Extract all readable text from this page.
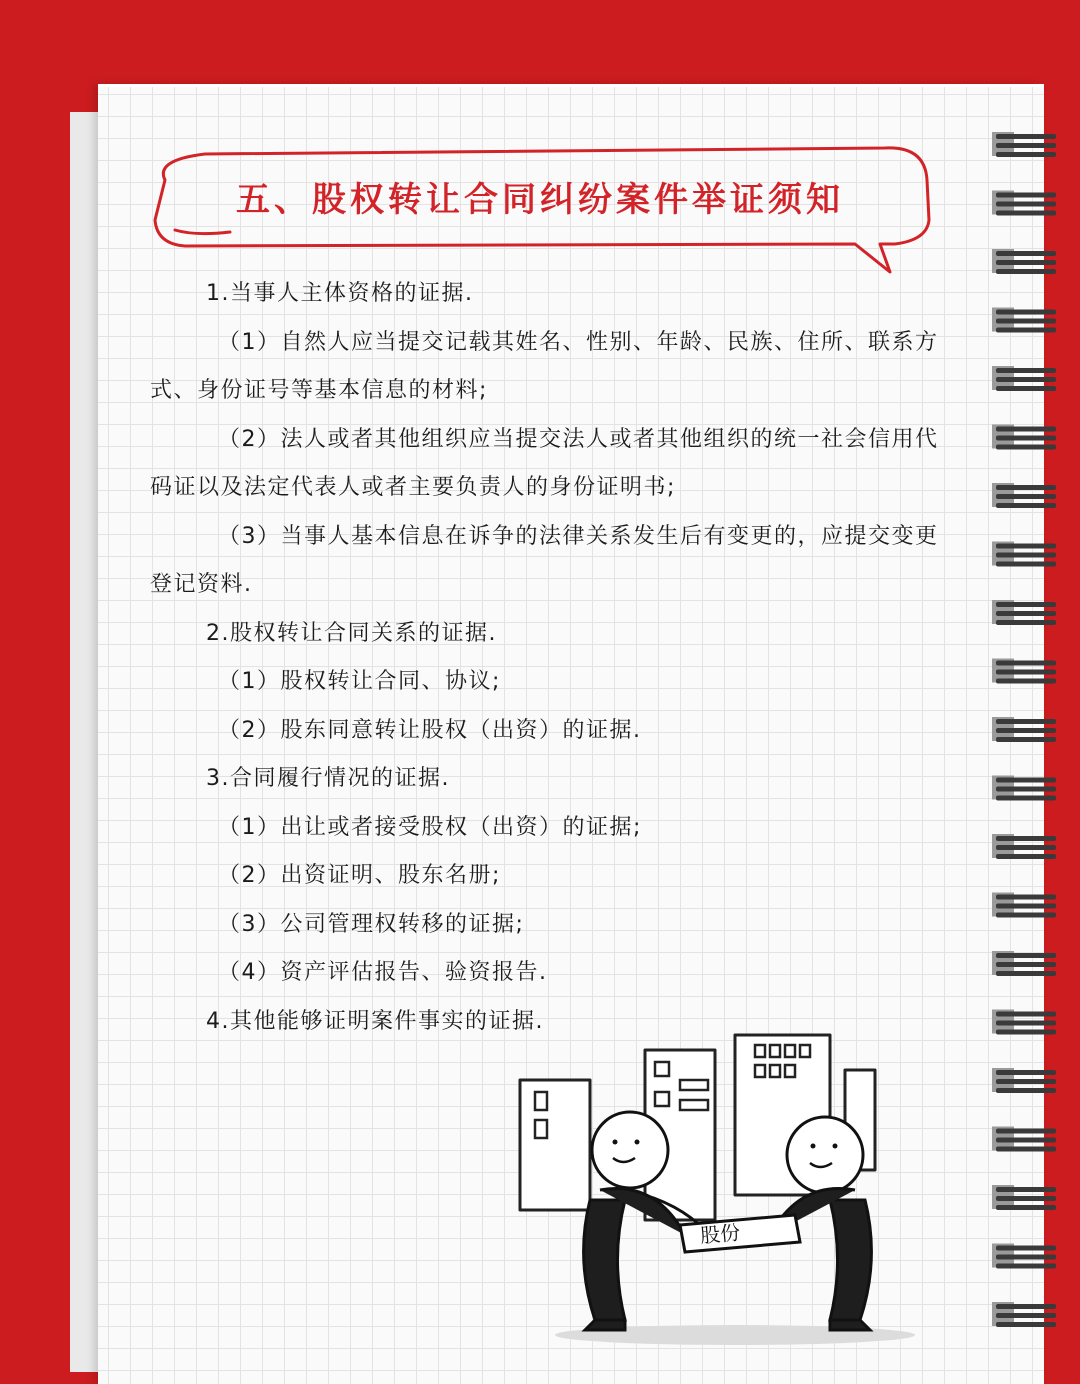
五、股权转让合同纠纷案件举证须知
1.当事人主体资格的证据.
（1）自然人应当提交记载其姓名、性别、年龄、民族、住所、联系方式、身份证号等基本信息的材料;
（2）法人或者其他组织应当提交法人或者其他组织的统一社会信用代码证以及法定代表人或者主要负责人的身份证明书;
（3）当事人基本信息在诉争的法律关系发生后有变更的，应提交变更登记资料.
2.股权转让合同关系的证据.
（1）股权转让合同、协议;
（2）股东同意转让股权（出资）的证据.
3.合同履行情况的证据.
（1）出让或者接受股权（出资）的证据;
（2）出资证明、股东名册;
（3）公司管理权转移的证据;
（4）资产评估报告、验资报告.
4.其他能够证明案件事实的证据.
股份
